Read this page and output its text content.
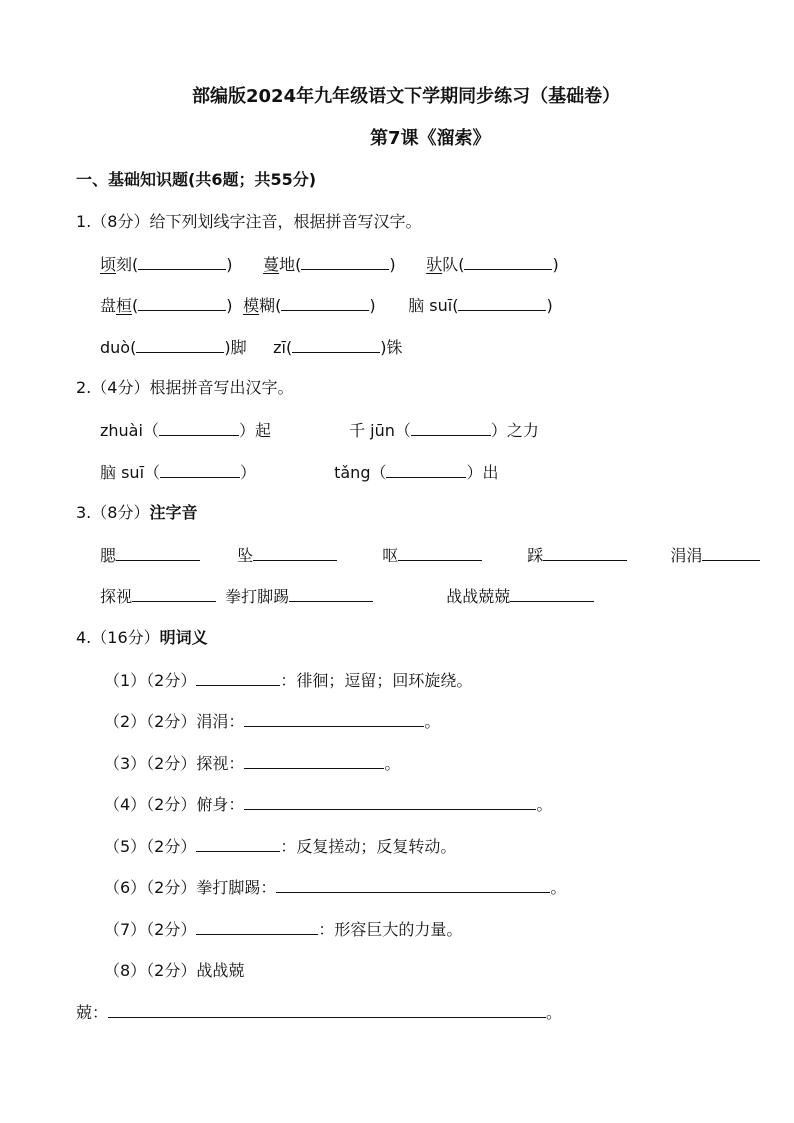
部编版2024年九年级语文下学期同步练习（基础卷）
第7课《溜索》
一、基础知识题(共6题；共55分)
1.（8分）给下列划线字注音，根据拼音写汉字。
顷刻(	) 蔓地(	) 驮队(	)
盘桓(	) 模糊(	) 脑 suī(	)
duò(	)脚 zī(	)铢
2.（4分）根据拼音写出汉字。
zhuài（	）起	千 jūn（	）之力
脑 suī（	）	tǎng（	）出
3.（8分）注字音
腮	坠	呕	踩	涓涓
探视	拳打脚踢	战战兢兢
4.（16分）明词义
（1）（2分）	：徘徊；逗留；回环旋绕。
（2）（2分）涓涓：	。
（3）（2分）探视：	。
（4）（2分）俯身：	。
（5）（2分）	：反复搓动；反复转动。
（6）（2分）拳打脚踢：	。
（7）（2分）	：形容巨大的力量。
（8）（2分）战战兢
兢：	。
